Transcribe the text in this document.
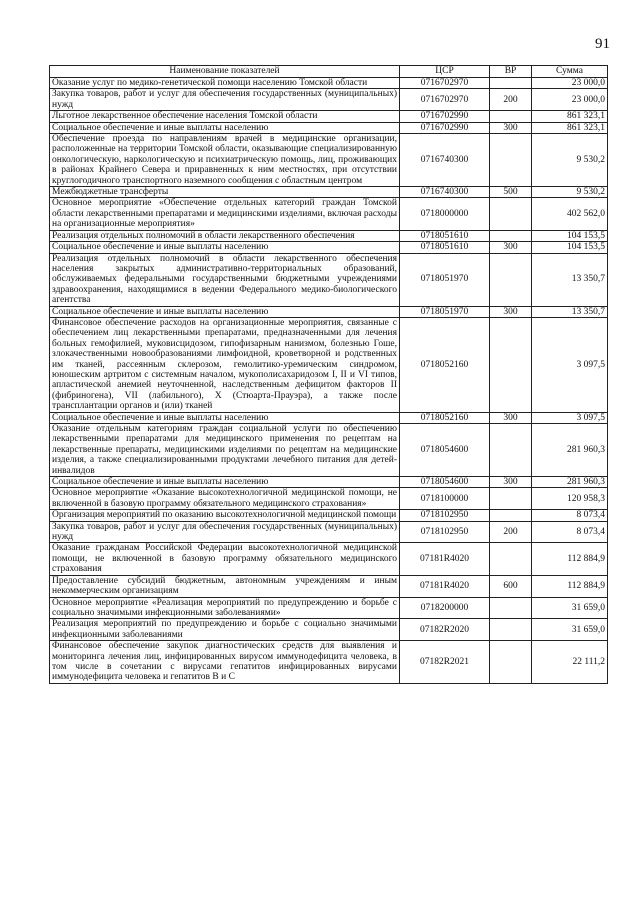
91
Наименование показателей	ЦСР	ВР	Сумма
Оказание услуг по медико-генетической помощи населению Томской области	0716702970		23 000,0
Закупка товаров, работ и услуг для обеспечения государственных (муниципальных) нужд	0716702970	200	23 000,0
Льготное лекарственное обеспечение населения Томской области	0716702990		861 323,1
Социальное обеспечение и иные выплаты населению	0716702990	300	861 323,1
Обеспечение проезда по направлениям врачей в медицинские организации, расположенные на территории Томской области, оказывающие специализированную онкологическую, наркологическую и психиатрическую помощь, лиц, проживающих в районах Крайнего Севера и приравненных к ним местностях, при отсутствии круглогодичного транспортного наземного сообщения с областным центром	0716740300		9 530,2
Межбюджетные трансферты	0716740300	500	9 530,2
Основное мероприятие «Обеспечение отдельных категорий граждан Томской области лекарственными препаратами и медицинскими изделиями, включая расходы на организационные мероприятия»	0718000000		402 562,0
Реализация отдельных полномочий в области лекарственного обеспечения	0718051610		104 153,5
Социальное обеспечение и иные выплаты населению	0718051610	300	104 153,5
Реализация отдельных полномочий в области лекарственного обеспечения населения закрытых административно-территориальных образований, обслуживаемых федеральными государственными бюджетными учреждениями здравоохранения, находящимися в ведении Федерального медико-биологического агентства	0718051970		13 350,7
Социальное обеспечение и иные выплаты населению	0718051970	300	13 350,7
Финансовое обеспечение расходов на организационные мероприятия, связанные с обеспечением лиц лекарственными препаратами, предназначенными для лечения больных гемофилией, муковисцидозом, гипофизарным нанизмом, болезнью Гоше, злокачественными новообразованиями лимфоидной, кроветворной и родственных им тканей, рассеянным склерозом, гемолитико-уремическим синдромом, юношеским артритом с системным началом, мукополисахаридозом I, II и VI типов, апластической анемией неуточненной, наследственным дефицитом факторов II (фибриногена), VII (лабильного), X (Стюарта-Прауэра), а также после трансплантации органов и (или) тканей	0718052160		3 097,5
Социальное обеспечение и иные выплаты населению	0718052160	300	3 097,5
Оказание отдельным категориям граждан социальной услуги по обеспечению лекарственными препаратами для медицинского применения по рецептам на лекарственные препараты, медицинскими изделиями по рецептам на медицинские изделия, а также специализированными продуктами лечебного питания для детей-инвалидов	0718054600		281 960,3
Социальное обеспечение и иные выплаты населению	0718054600	300	281 960,3
Основное мероприятие «Оказание высокотехнологичной медицинской помощи, не включенной в базовую программу обязательного медицинского страхования»	0718100000		120 958,3
Организация мероприятий по оказанию высокотехнологичной медицинской помощи	0718102950		8 073,4
Закупка товаров, работ и услуг для обеспечения государственных (муниципальных) нужд	0718102950	200	8 073,4
Оказание гражданам Российской Федерации высокотехнологичной медицинской помощи, не включенной в базовую программу обязательного медицинского страхования	07181R4020		112 884,9
Предоставление субсидий бюджетным, автономным учреждениям и иным некоммерческим организациям	07181R4020	600	112 884,9
Основное мероприятие «Реализация мероприятий по предупреждению и борьбе с социально значимыми инфекционными заболеваниями»	0718200000		31 659,0
Реализация мероприятий по предупреждению и борьбе с социально значимыми инфекционными заболеваниями	07182R2020		31 659,0
Финансовое обеспечение закупок диагностических средств для выявления и мониторинга лечения лиц, инфицированных вирусом иммунодефицита человека, в том числе в сочетании с вирусами гепатитов инфицированных вирусами иммунодефицита человека и гепатитов B и C	07182R2021		22 111,2
